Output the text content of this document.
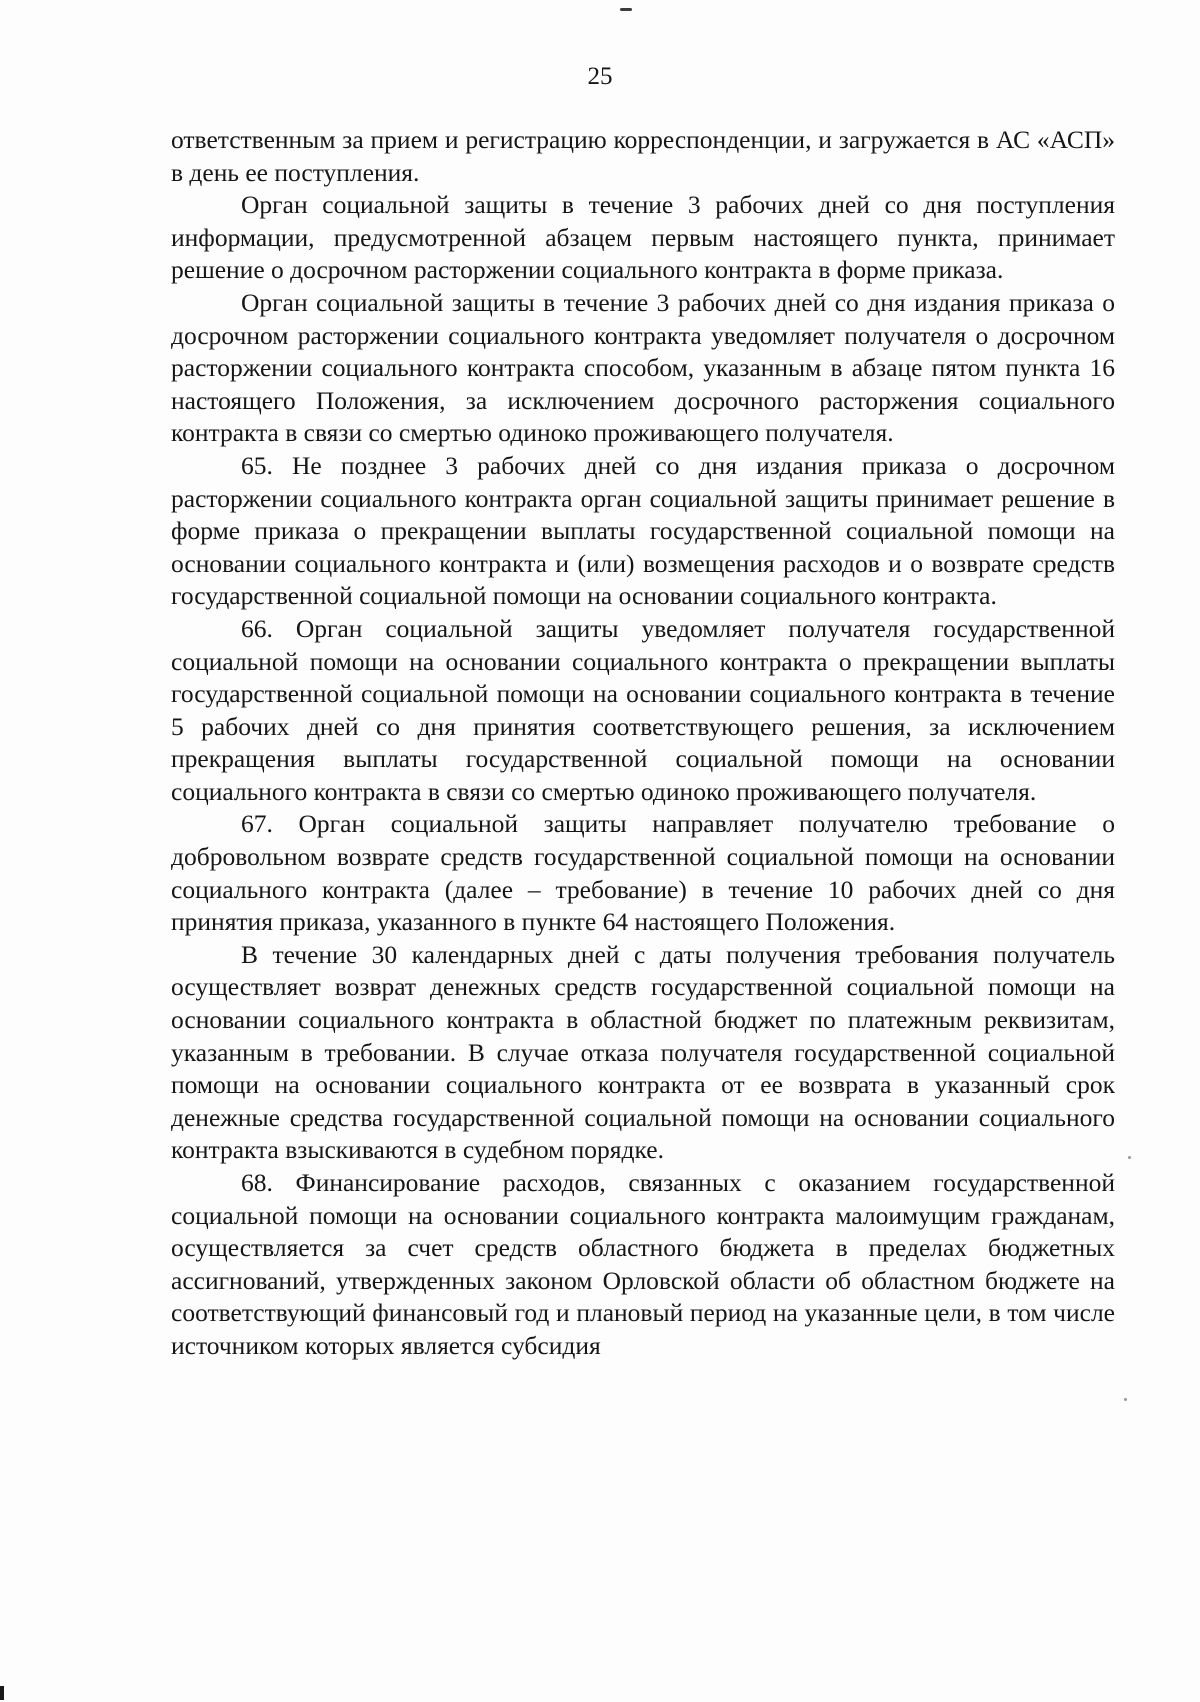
25

ответственным за прием и регистрацию корреспонденции, и загружается в АС «АСП» в день ее поступления.

Орган социальной защиты в течение 3 рабочих дней со дня поступления информации, предусмотренной абзацем первым настоящего пункта, принимает решение о досрочном расторжении социального контракта в форме приказа.

Орган социальной защиты в течение 3 рабочих дней со дня издания приказа о досрочном расторжении социального контракта уведомляет получателя о досрочном расторжении социального контракта способом, указанным в абзаце пятом пункта 16 настоящего Положения, за исключением досрочного расторжения социального контракта в связи со смертью одиноко проживающего получателя.

65. Не позднее 3 рабочих дней со дня издания приказа о досрочном расторжении социального контракта орган социальной защиты принимает решение в форме приказа о прекращении выплаты государственной социальной помощи на основании социального контракта и (или) возмещения расходов и о возврате средств государственной социальной помощи на основании социального контракта.

66. Орган социальной защиты уведомляет получателя государственной социальной помощи на основании социального контракта о прекращении выплаты государственной социальной помощи на основании социального контракта в течение 5 рабочих дней со дня принятия соответствующего решения, за исключением прекращения выплаты государственной социальной помощи на основании социального контракта в связи со смертью одиноко проживающего получателя.

67. Орган социальной защиты направляет получателю требование о добровольном возврате средств государственной социальной помощи на основании социального контракта (далее – требование) в течение 10 рабочих дней со дня принятия приказа, указанного в пункте 64 настоящего Положения.

В течение 30 календарных дней с даты получения требования получатель осуществляет возврат денежных средств государственной социальной помощи на основании социального контракта в областной бюджет по платежным реквизитам, указанным в требовании. В случае отказа получателя государственной социальной помощи на основании социального контракта от ее возврата в указанный срок денежные средства государственной социальной помощи на основании социального контракта взыскиваются в судебном порядке.

68. Финансирование расходов, связанных с оказанием государственной социальной помощи на основании социального контракта малоимущим гражданам, осуществляется за счет средств областного бюджета в пределах бюджетных ассигнований, утвержденных законом Орловской области об областном бюджете на соответствующий финансовый год и плановый период на указанные цели, в том числе источником которых является субсидия
